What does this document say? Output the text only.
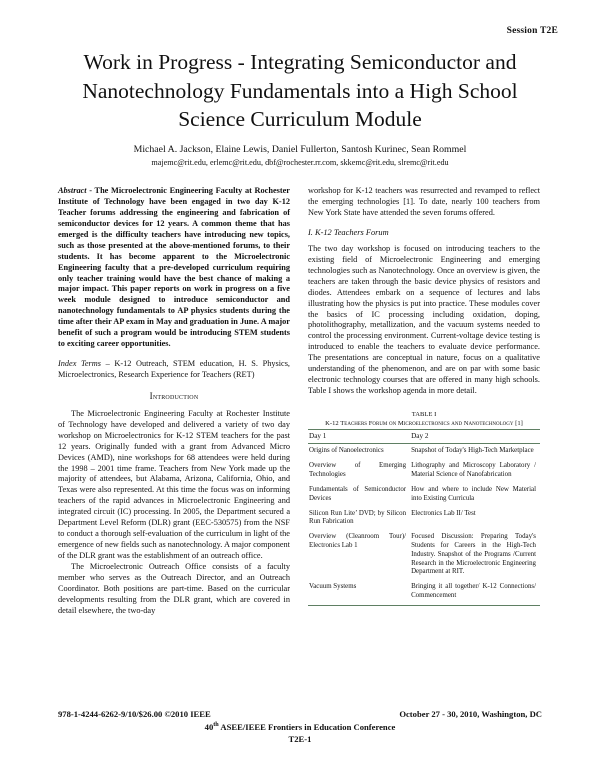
Session T2E
Work in Progress - Integrating Semiconductor and Nanotechnology Fundamentals into a High School Science Curriculum Module
Michael A. Jackson, Elaine Lewis, Daniel Fullerton, Santosh Kurinec, Sean Rommel
majemc@rit.edu, erlemc@rit.edu, dbf@rochester.rr.com, skkemc@rit.edu, slremc@rit.edu

Abstract - The Microelectronic Engineering Faculty at Rochester Institute of Technology have been engaged in two day K-12 Teacher forums addressing the engineering and fabrication of semiconductor devices for 12 years. A common theme that has emerged is the difficulty teachers have introducing new topics, such as those presented at the above-mentioned forums, to their students. It has become apparent to the Microelectronic Engineering faculty that a pre-developed curriculum requiring only teacher training would have the best chance of making a major impact. This paper reports on work in progress on a five week module designed to introduce semiconductor and nanotechnology fundamentals to AP physics students during the time after their AP exam in May and graduation in June. A major benefit of such a program would be introducing STEM students to exciting career opportunities.

Index Terms – K-12 Outreach, STEM education, H. S. Physics, Microelectronics, Research Experience for Teachers (RET)

Introduction

The Microelectronic Engineering Faculty at Rochester Institute of Technology have developed and delivered a variety of two day workshop on Microelectronics for K-12 STEM teachers for the past 12 years. Originally funded with a grant from Advanced Micro Devices (AMD), nine workshops for 68 attendees were held during the 1998 – 2001 time frame. Teachers from New York made up the majority of attendees, but Alabama, Arizona, California, Ohio, and Texas were also represented. At this time the focus was on informing teachers of the rapid advances in Microelectronic Engineering and integrated circuit (IC) processing. In 2005, the Department secured a Department Level Reform (DLR) grant (EEC-530575) from the NSF to conduct a thorough self-evaluation of the curriculum in light of the emergence of new fields such as nanotechnology. A major component of the DLR grant was the establishment of an outreach office.

The Microelectronic Outreach Office consists of a faculty member who serves as the Outreach Director, and an Outreach Coordinator. Both positions are part-time. Based on the curricular developments resulting from the DLR grant, which are covered in detail elsewhere, the two-day

workshop for K-12 teachers was resurrected and revamped to reflect the emerging technologies [1]. To date, nearly 100 teachers from New York State have attended the seven forums offered.

I. K-12 Teachers Forum

The two day workshop is focused on introducing teachers to the existing field of Microelectronic Engineering and emerging technologies such as Nanotechnology. Once an overview is given, the teachers are taken through the basic device physics of resistors and diodes. Attendees embark on a sequence of lectures and labs illustrating how the physics is put into practice. These modules cover the basics of IC processing including oxidation, doping, photolithography, metallization, and the vacuum systems needed to control the processing environment. Current-voltage device testing is introduced to enable the teachers to evaluate device performance. The presentations are conceptual in nature, focus on a qualitative understanding of the phenomenon, and are on par with some basic electronic technology courses that are offered in many high schools. Table I shows the workshop agenda in more detail.

TABLE I
K-12 Teachers Forum on Microelectronics and Nanotechnology [1]
Day 1	Day 2
Origins of Nanoelectronics	Snapshot of Today's High-Tech Marketplace
Overview of Emerging Technologies	Lithography and Microscopy Laboratory / Material Science of Nanofabrication
Fundamentals of Semiconductor Devices	How and where to include New Material into Existing Curricula
Silicon Run Lite’ DVD; by Silicon Run Fabrication	Electronics Lab II/ Test
Overview (Cleanroom Tour)/ Electronics Lab 1	Focused Discussion: Preparing Today's Students for Careers in the High-Tech Industry. Snapshot of the Programs /Current Research in the Microelectronic Engineering Department at RIT.
Vacuum Systems	Bringing it all together/ K-12 Connections/ Commencement
978-1-4244-6262-9/10/$26.00 ©2010 IEEE	October 27 - 30, 2010, Washington, DC
40th ASEE/IEEE Frontiers in Education Conference
T2E-1
